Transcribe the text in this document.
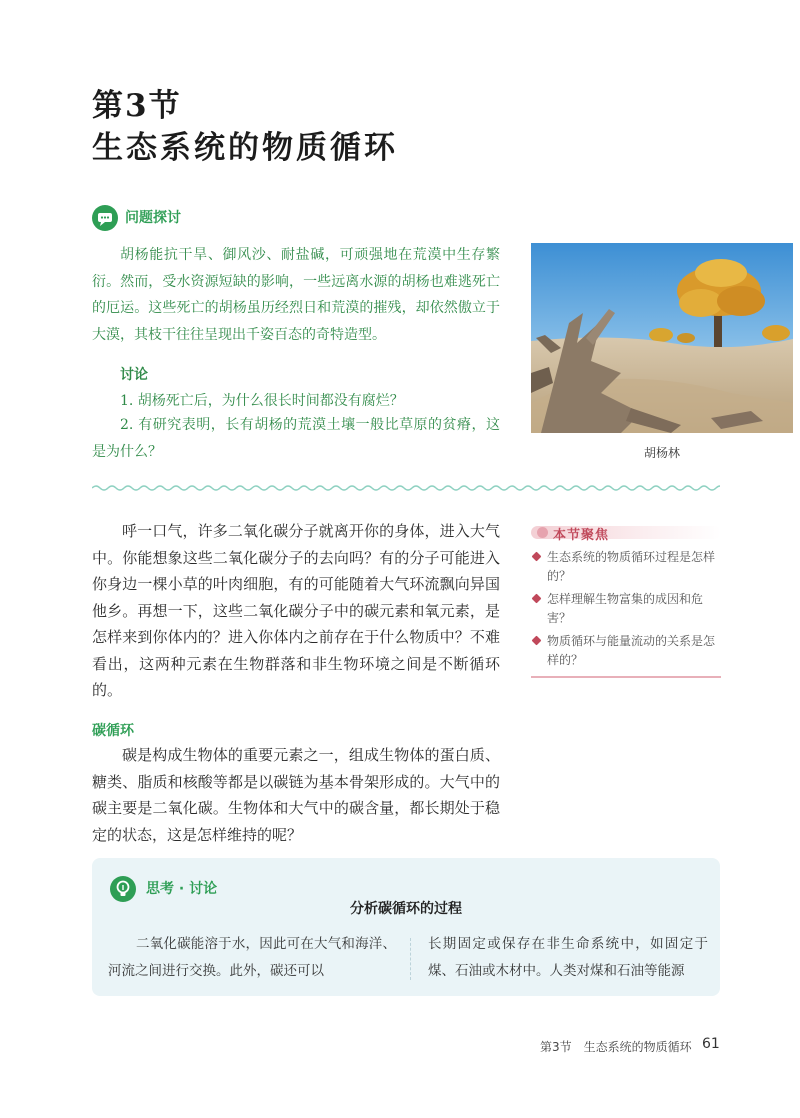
第3节
生态系统的物质循环
问题探讨
胡杨能抗干旱、御风沙、耐盐碱，可顽强地在荒漠中生存繁衍。然而，受水资源短缺的影响，一些远离水源的胡杨也难逃死亡的厄运。这些死亡的胡杨虽历经烈日和荒漠的摧残，却依然傲立于大漠，其枝干往往呈现出千姿百态的奇特造型。
讨论
1. 胡杨死亡后，为什么很长时间都没有腐烂？
2. 有研究表明，长有胡杨的荒漠土壤一般比草原的贫瘠，这是为什么？	胡杨林
呼一口气，许多二氧化碳分子就离开你的身体，进入大气中。你能想象这些二氧化碳分子的去向吗？有的分子可能进入你身边一棵小草的叶肉细胞，有的可能随着大气环流飘向异国他乡。再想一下，这些二氧化碳分子中的碳元素和氧元素，是怎样来到你体内的？进入你体内之前存在于什么物质中？不难看出，这两种元素在生物群落和非生物环境之间是不断循环的。
碳循环
碳是构成生物体的重要元素之一，组成生物体的蛋白质、糖类、脂质和核酸等都是以碳链为基本骨架形成的。大气中的碳主要是二氧化碳。生物体和大气中的碳含量，都长期处于稳定的状态，这是怎样维持的呢？
本节聚焦
生态系统的物质循环过程是怎样的？
怎样理解生物富集的成因和危害？
物质循环与能量流动的关系是怎样的？
思考 · 讨论
分析碳循环的过程
二氧化碳能溶于水，因此可在大气和海洋、河流之间进行交换。此外，碳还可以
长期固定或保存在非生命系统中，如固定于煤、石油或木材中。人类对煤和石油等能源
第3节　生态系统的物质循环 61
